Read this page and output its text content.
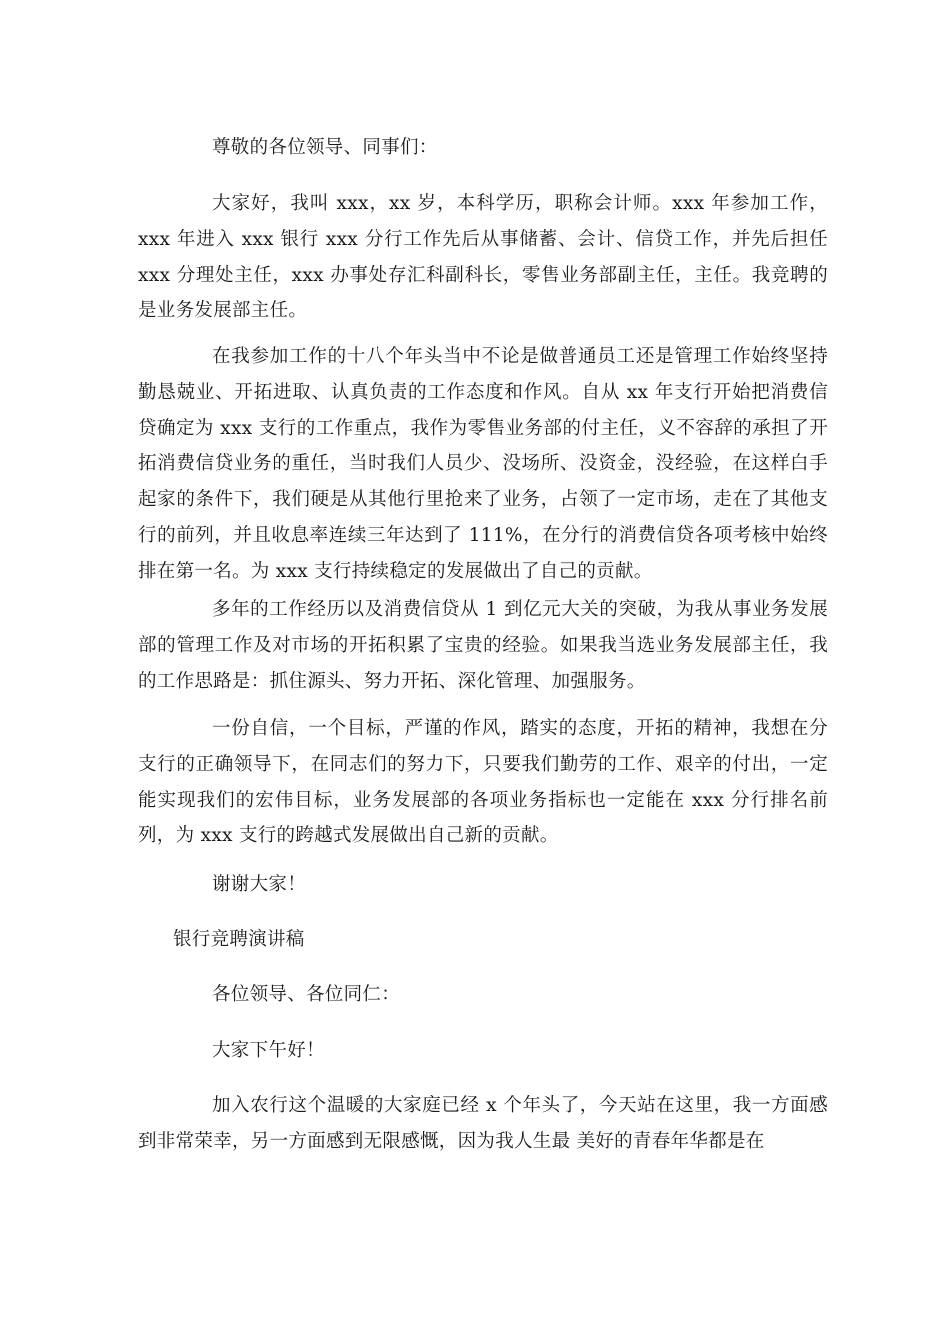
尊敬的各位领导、同事们：

大家好，我叫 xxx，xx 岁，本科学历，职称会计师。xxx 年参加工作，xxx 年进入 xxx 银行 xxx 分行工作先后从事储蓄、会计、信贷工作，并先后担任 xxx 分理处主任，xxx 办事处存汇科副科长，零售业务部副主任，主任。我竞聘的是业务发展部主任。

在我参加工作的十八个年头当中不论是做普通员工还是管理工作始终坚持勤恳兢业、开拓进取、认真负责的工作态度和作风。自从 xx 年支行开始把消费信贷确定为 xxx 支行的工作重点，我作为零售业务部的付主任，义不容辞的承担了开拓消费信贷业务的重任，当时我们人员少、没场所、没资金，没经验，在这样白手起家的条件下，我们硬是从其他行里抢来了业务，占领了一定市场，走在了其他支行的前列，并且收息率连续三年达到了 111%，在分行的消费信贷各项考核中始终排在第一名。为 xxx 支行持续稳定的发展做出了自己的贡献。

多年的工作经历以及消费信贷从 1 到亿元大关的突破，为我从事业务发展部的管理工作及对市场的开拓积累了宝贵的经验。如果我当选业务发展部主任，我的工作思路是：抓住源头、努力开拓、深化管理、加强服务。

一份自信，一个目标，严谨的作风，踏实的态度，开拓的精神，我想在分支行的正确领导下，在同志们的努力下，只要我们勤劳的工作、艰辛的付出，一定能实现我们的宏伟目标，业务发展部的各项业务指标也一定能在 xxx 分行排名前列，为 xxx 支行的跨越式发展做出自己新的贡献。

谢谢大家！

银行竞聘演讲稿

各位领导、各位同仁：

大家下午好！

加入农行这个温暖的大家庭已经 x 个年头了，今天站在这里，我一方面感到非常荣幸，另一方面感到无限感慨，因为我人生最 美好的青春年华都是在
